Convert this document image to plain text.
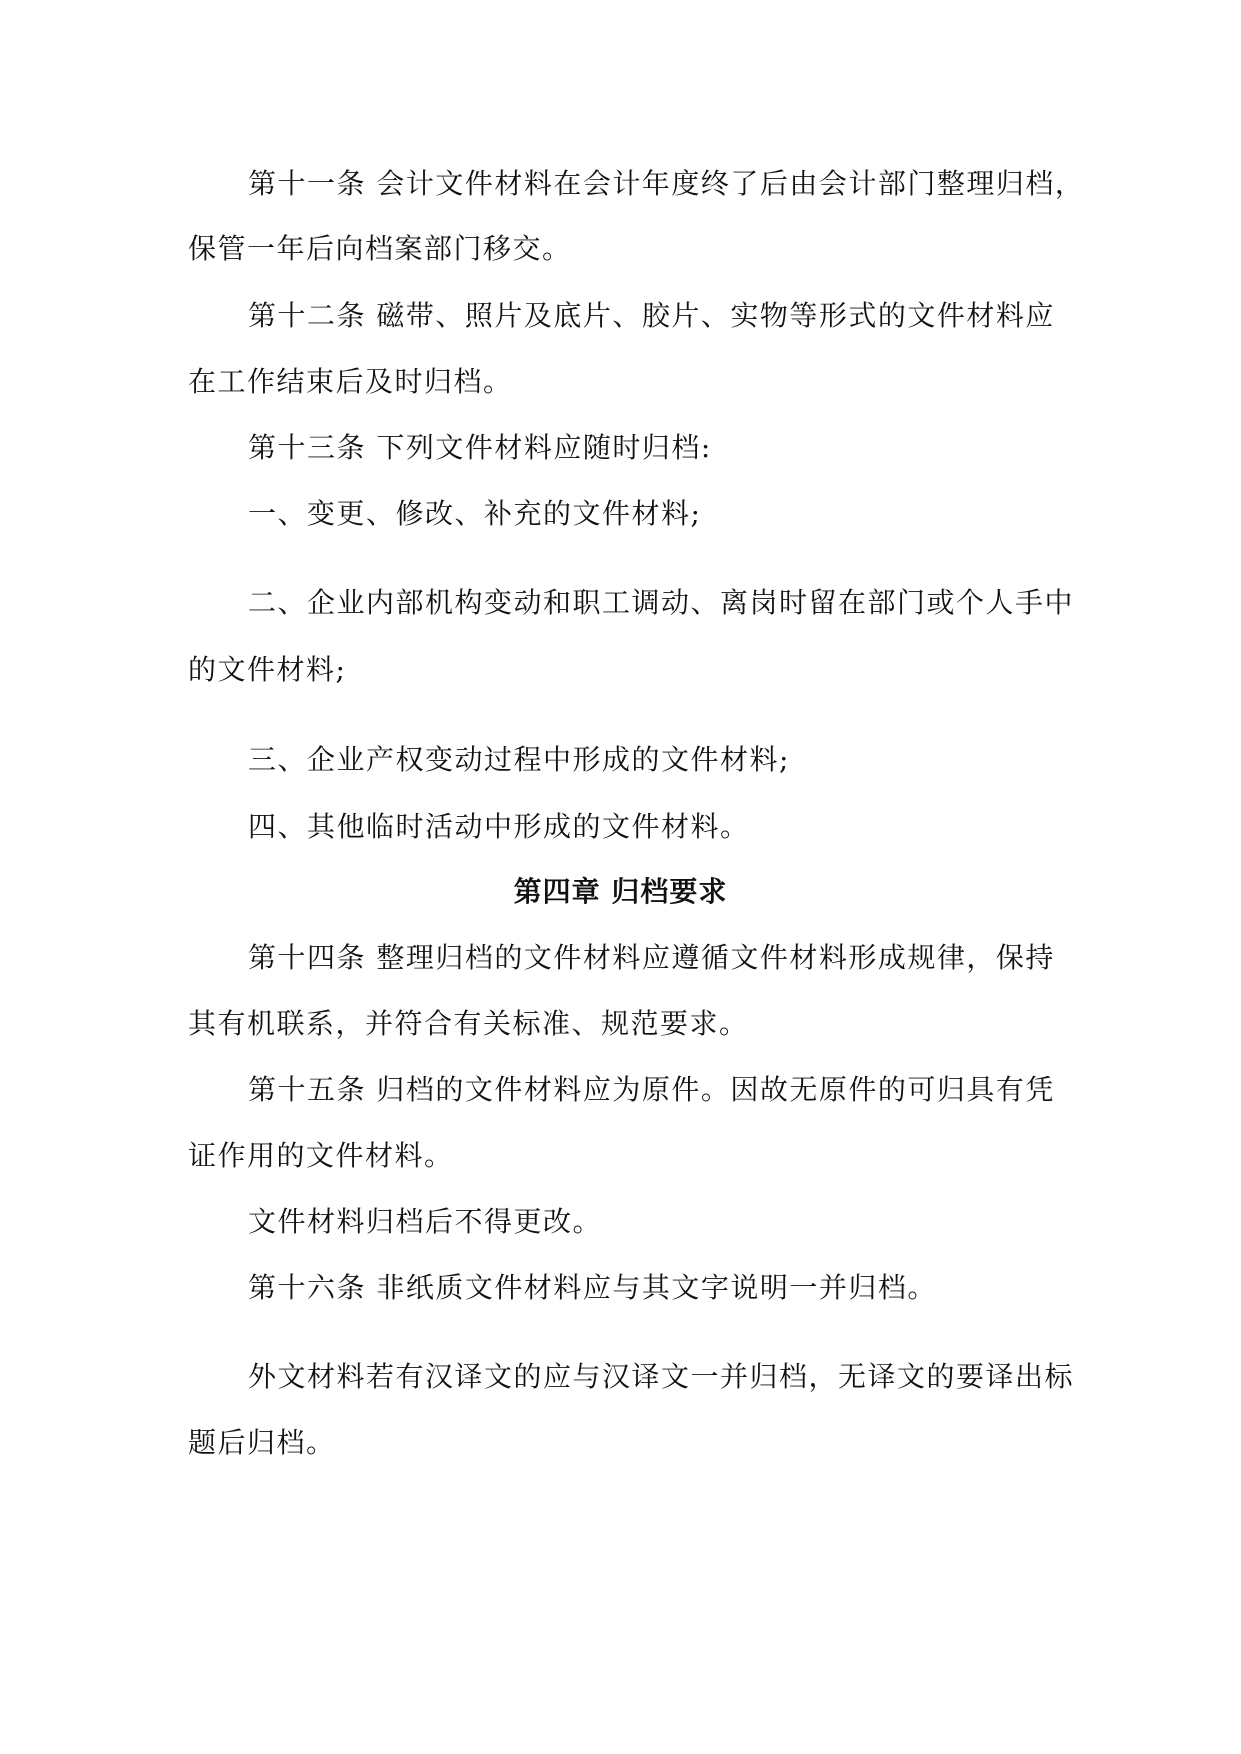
第十一条 会计文件材料在会计年度终了后由会计部门整理归档，
保管一年后向档案部门移交。
第十二条 磁带、照片及底片、胶片、实物等形式的文件材料应
在工作结束后及时归档。
第十三条 下列文件材料应随时归档:
一、变更、修改、补充的文件材料;
二、企业内部机构变动和职工调动、离岗时留在部门或个人手中
的文件材料;
三、企业产权变动过程中形成的文件材料;
四、其他临时活动中形成的文件材料。
第四章 归档要求
第十四条 整理归档的文件材料应遵循文件材料形成规律，保持
其有机联系，并符合有关标准、规范要求。
第十五条 归档的文件材料应为原件。因故无原件的可归具有凭
证作用的文件材料。
文件材料归档后不得更改。
第十六条 非纸质文件材料应与其文字说明一并归档。
外文材料若有汉译文的应与汉译文一并归档，无译文的要译出标
题后归档。
